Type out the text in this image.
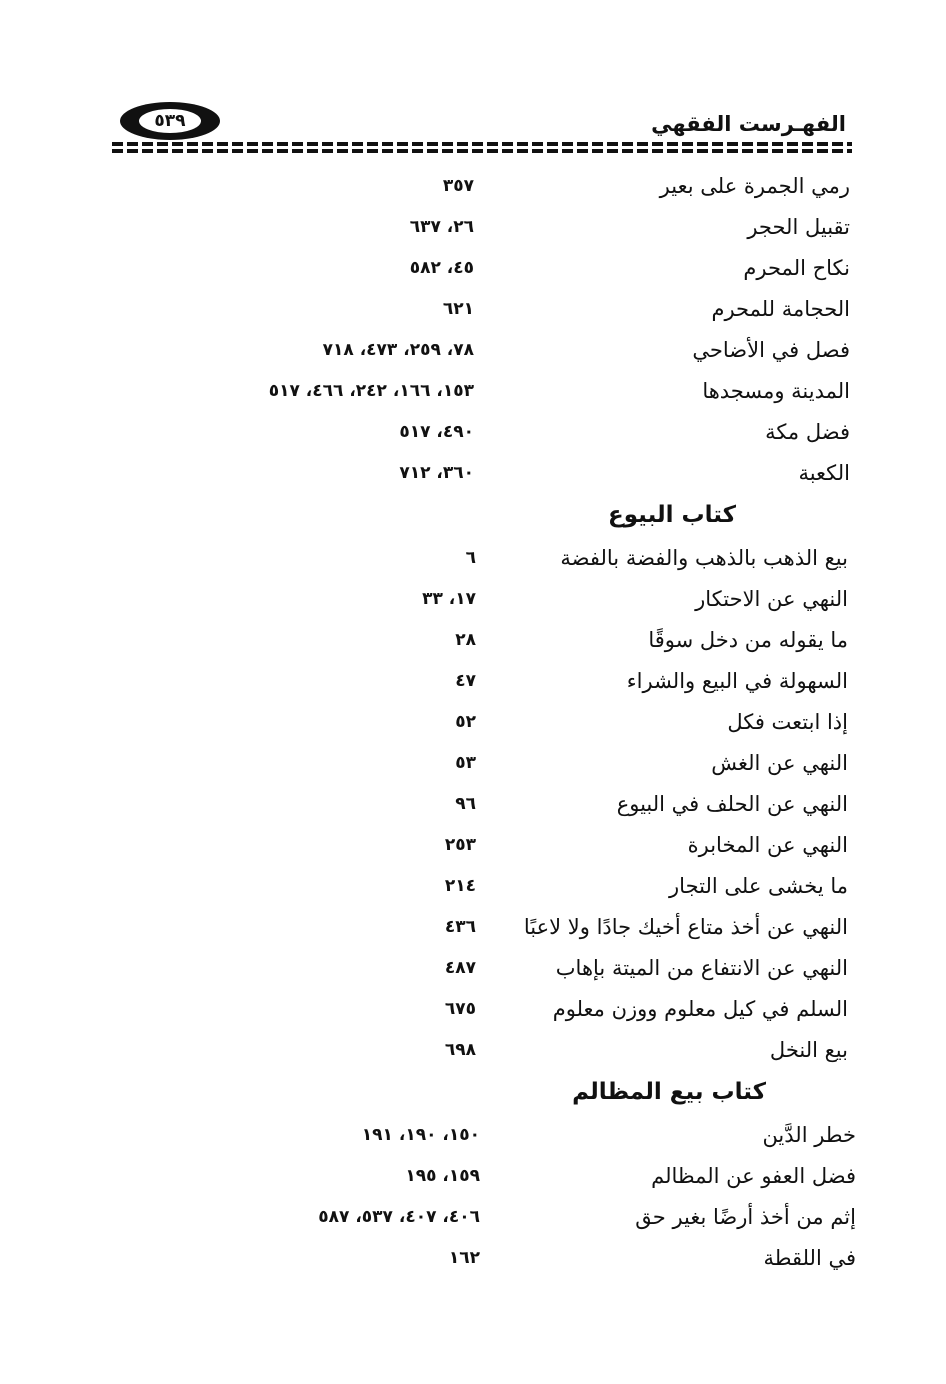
٥٣٩	الفهـرست الفقهي
رمي الجمرة على بعير
٣٥٧
تقبيل الحجر
٢٦، ٦٣٧
نكاح المحرم
٤٥، ٥٨٢
الحجامة للمحرم
٦٢١
فصل في الأضاحي
٧٨، ٢٥٩، ٤٧٣، ٧١٨
المدينة ومسجدها
١٥٣، ١٦٦، ٢٤٢، ٤٦٦، ٥١٧
فضل مكة
٤٩٠، ٥١٧
الكعبة
٣٦٠، ٧١٢
كتاب البيوع
بيع الذهب بالذهب والفضة بالفضة
٦
النهي عن الاحتكار
١٧، ٣٣
ما يقوله من دخل سوقًا
٢٨
السهولة في البيع والشراء
٤٧
إذا ابتعت فكل
٥٢
النهي عن الغش
٥٣
النهي عن الحلف في البيوع
٩٦
النهي عن المخابرة
٢٥٣
ما يخشى على التجار
٢١٤
النهي عن أخذ متاع أخيك جادًا ولا لاعبًا
٤٣٦
النهي عن الانتفاع من الميتة بإهاب
٤٨٧
السلم في كيل معلوم ووزن معلوم
٦٧٥
بيع النخل
٦٩٨
كتاب بيع المظالم
خطر الدَّين
١٥٠، ١٩٠، ١٩١
فضل العفو عن المظالم
١٥٩، ١٩٥
إثم من أخذ أرضًا بغير حق
٤٠٦، ٤٠٧، ٥٣٧، ٥٨٧
في اللقطة
١٦٢
